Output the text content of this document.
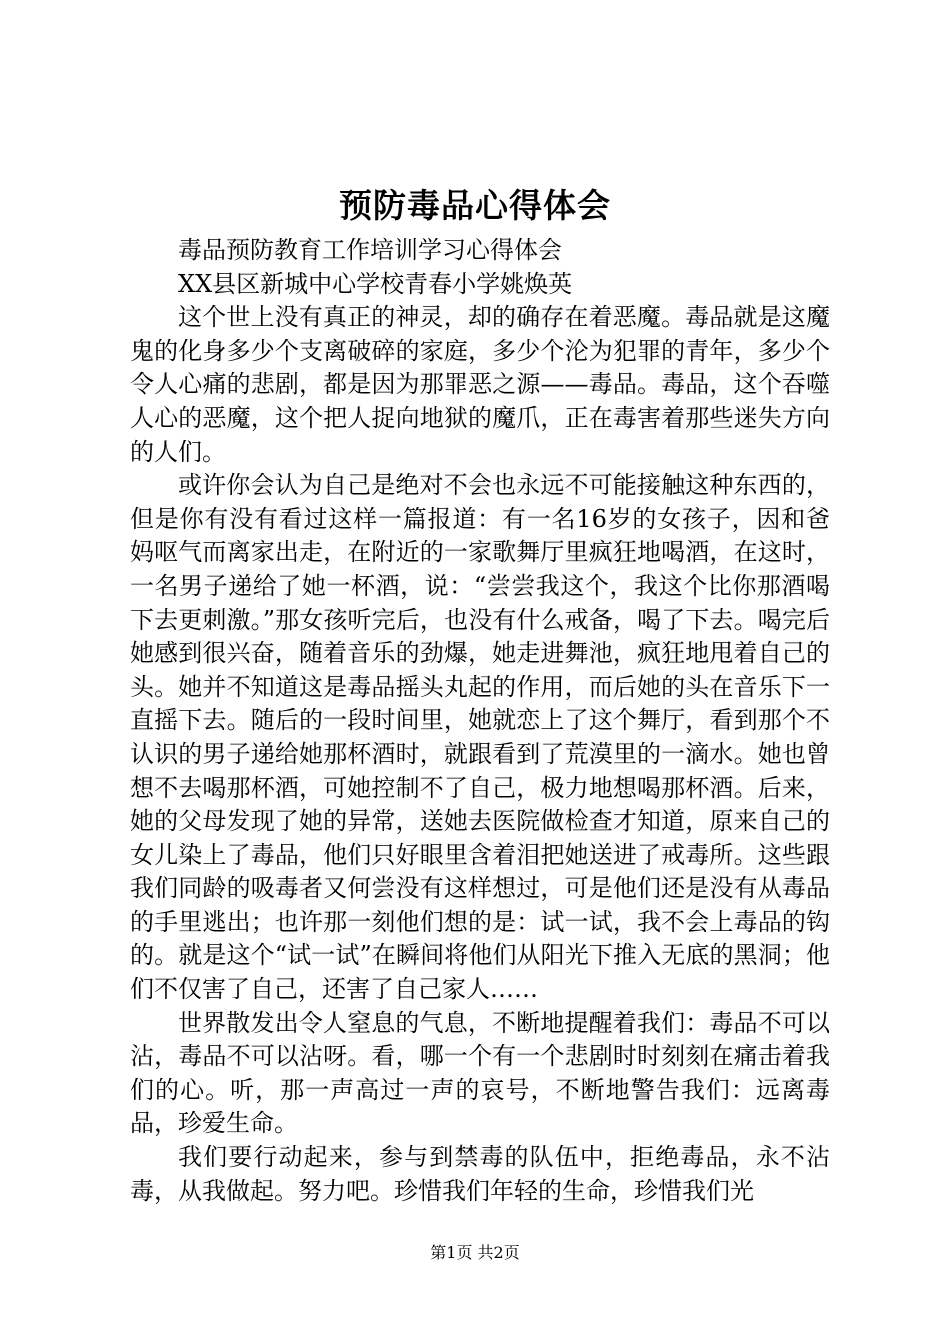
预防毒品心得体会

毒品预防教育工作培训学习心得体会

XX县区新城中心学校青春小学姚焕英

这个世上没有真正的神灵，却的确存在着恶魔。毒品就是这魔鬼的化身多少个支离破碎的家庭，多少个沦为犯罪的青年，多少个令人心痛的悲剧，都是因为那罪恶之源——毒品。毒品，这个吞噬人心的恶魔，这个把人捉向地狱的魔爪，正在毒害着那些迷失方向的人们。

或许你会认为自己是绝对不会也永远不可能接触这种东西的，但是你有没有看过这样一篇报道：有一名16岁的女孩子，因和爸妈呕气而离家出走，在附近的一家歌舞厅里疯狂地喝酒，在这时，一名男子递给了她一杯酒，说：“尝尝我这个，我这个比你那酒喝下去更刺激。”那女孩听完后，也没有什么戒备，喝了下去。喝完后她感到很兴奋，随着音乐的劲爆，她走进舞池，疯狂地甩着自己的头。她并不知道这是毒品摇头丸起的作用，而后她的头在音乐下一直摇下去。随后的一段时间里，她就恋上了这个舞厅，看到那个不认识的男子递给她那杯酒时，就跟看到了荒漠里的一滴水。她也曾想不去喝那杯酒，可她控制不了自己，极力地想喝那杯酒。后来，她的父母发现了她的异常，送她去医院做检查才知道，原来自己的女儿染上了毒品，他们只好眼里含着泪把她送进了戒毒所。这些跟我们同龄的吸毒者又何尝没有这样想过，可是他们还是没有从毒品的手里逃出；也许那一刻他们想的是：试一试，我不会上毒品的钩的。就是这个“试一试”在瞬间将他们从阳光下推入无底的黑洞；他们不仅害了自己，还害了自己家人……

世界散发出令人窒息的气息，不断地提醒着我们：毒品不可以沾，毒品不可以沾呀。看，哪一个有一个悲剧时时刻刻在痛击着我们的心。听，那一声高过一声的哀号，不断地警告我们：远离毒品，珍爱生命。

我们要行动起来，参与到禁毒的队伍中，拒绝毒品，永不沾毒，从我做起。努力吧。珍惜我们年轻的生命，珍惜我们光

第1页 共2页
